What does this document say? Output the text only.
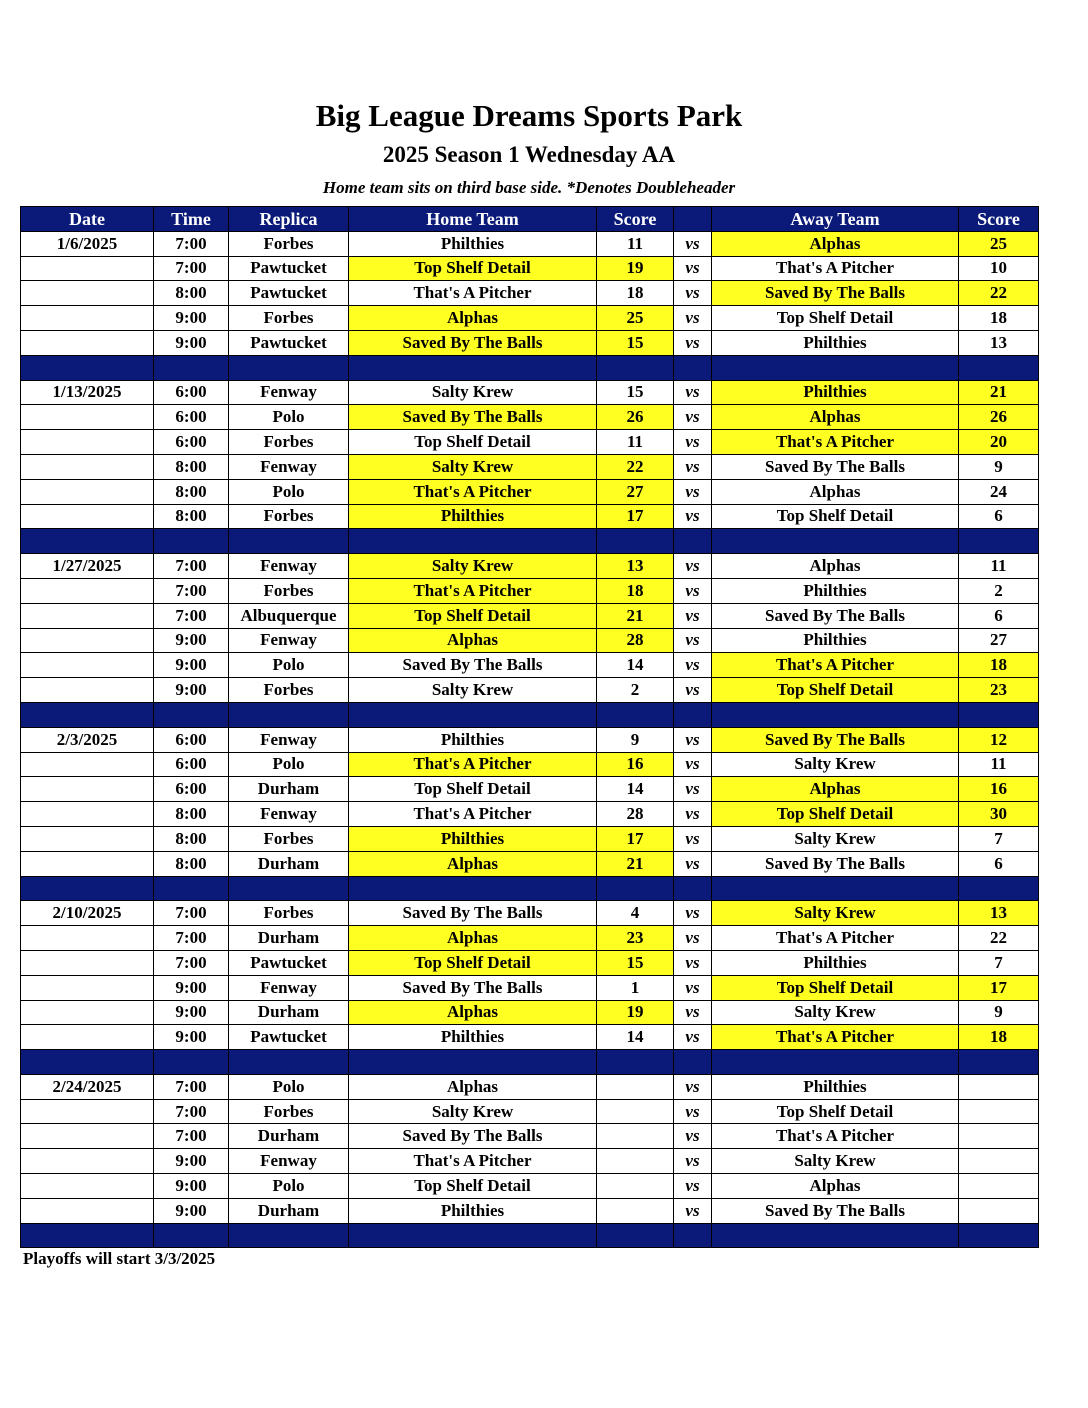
Big League Dreams Sports Park
2025 Season 1 Wednesday AA
Home team sits on third base side. *Denotes Doubleheader
Date	Time	Replica	Home Team	Score		Away Team	Score
1/6/2025	7:00	Forbes	Philthies	11	vs	Alphas	25
	7:00	Pawtucket	Top Shelf Detail	19	vs	That's A Pitcher	10
	8:00	Pawtucket	That's A Pitcher	18	vs	Saved By The Balls	22
	9:00	Forbes	Alphas	25	vs	Top Shelf Detail	18
	9:00	Pawtucket	Saved By The Balls	15	vs	Philthies	13

1/13/2025	6:00	Fenway	Salty Krew	15	vs	Philthies	21
	6:00	Polo	Saved By The Balls	26	vs	Alphas	26
	6:00	Forbes	Top Shelf Detail	11	vs	That's A Pitcher	20
	8:00	Fenway	Salty Krew	22	vs	Saved By The Balls	9
	8:00	Polo	That's A Pitcher	27	vs	Alphas	24
	8:00	Forbes	Philthies	17	vs	Top Shelf Detail	6

1/27/2025	7:00	Fenway	Salty Krew	13	vs	Alphas	11
	7:00	Forbes	That's A Pitcher	18	vs	Philthies	2
	7:00	Albuquerque	Top Shelf Detail	21	vs	Saved By The Balls	6
	9:00	Fenway	Alphas	28	vs	Philthies	27
	9:00	Polo	Saved By The Balls	14	vs	That's A Pitcher	18
	9:00	Forbes	Salty Krew	2	vs	Top Shelf Detail	23

2/3/2025	6:00	Fenway	Philthies	9	vs	Saved By The Balls	12
	6:00	Polo	That's A Pitcher	16	vs	Salty Krew	11
	6:00	Durham	Top Shelf Detail	14	vs	Alphas	16
	8:00	Fenway	That's A Pitcher	28	vs	Top Shelf Detail	30
	8:00	Forbes	Philthies	17	vs	Salty Krew	7
	8:00	Durham	Alphas	21	vs	Saved By The Balls	6

2/10/2025	7:00	Forbes	Saved By The Balls	4	vs	Salty Krew	13
	7:00	Durham	Alphas	23	vs	That's A Pitcher	22
	7:00	Pawtucket	Top Shelf Detail	15	vs	Philthies	7
	9:00	Fenway	Saved By The Balls	1	vs	Top Shelf Detail	17
	9:00	Durham	Alphas	19	vs	Salty Krew	9
	9:00	Pawtucket	Philthies	14	vs	That's A Pitcher	18

2/24/2025	7:00	Polo	Alphas		vs	Philthies	
	7:00	Forbes	Salty Krew		vs	Top Shelf Detail	
	7:00	Durham	Saved By The Balls		vs	That's A Pitcher	
	9:00	Fenway	That's A Pitcher		vs	Salty Krew	
	9:00	Polo	Top Shelf Detail		vs	Alphas	
	9:00	Durham	Philthies		vs	Saved By The Balls	

Playoffs will start 3/3/2025
